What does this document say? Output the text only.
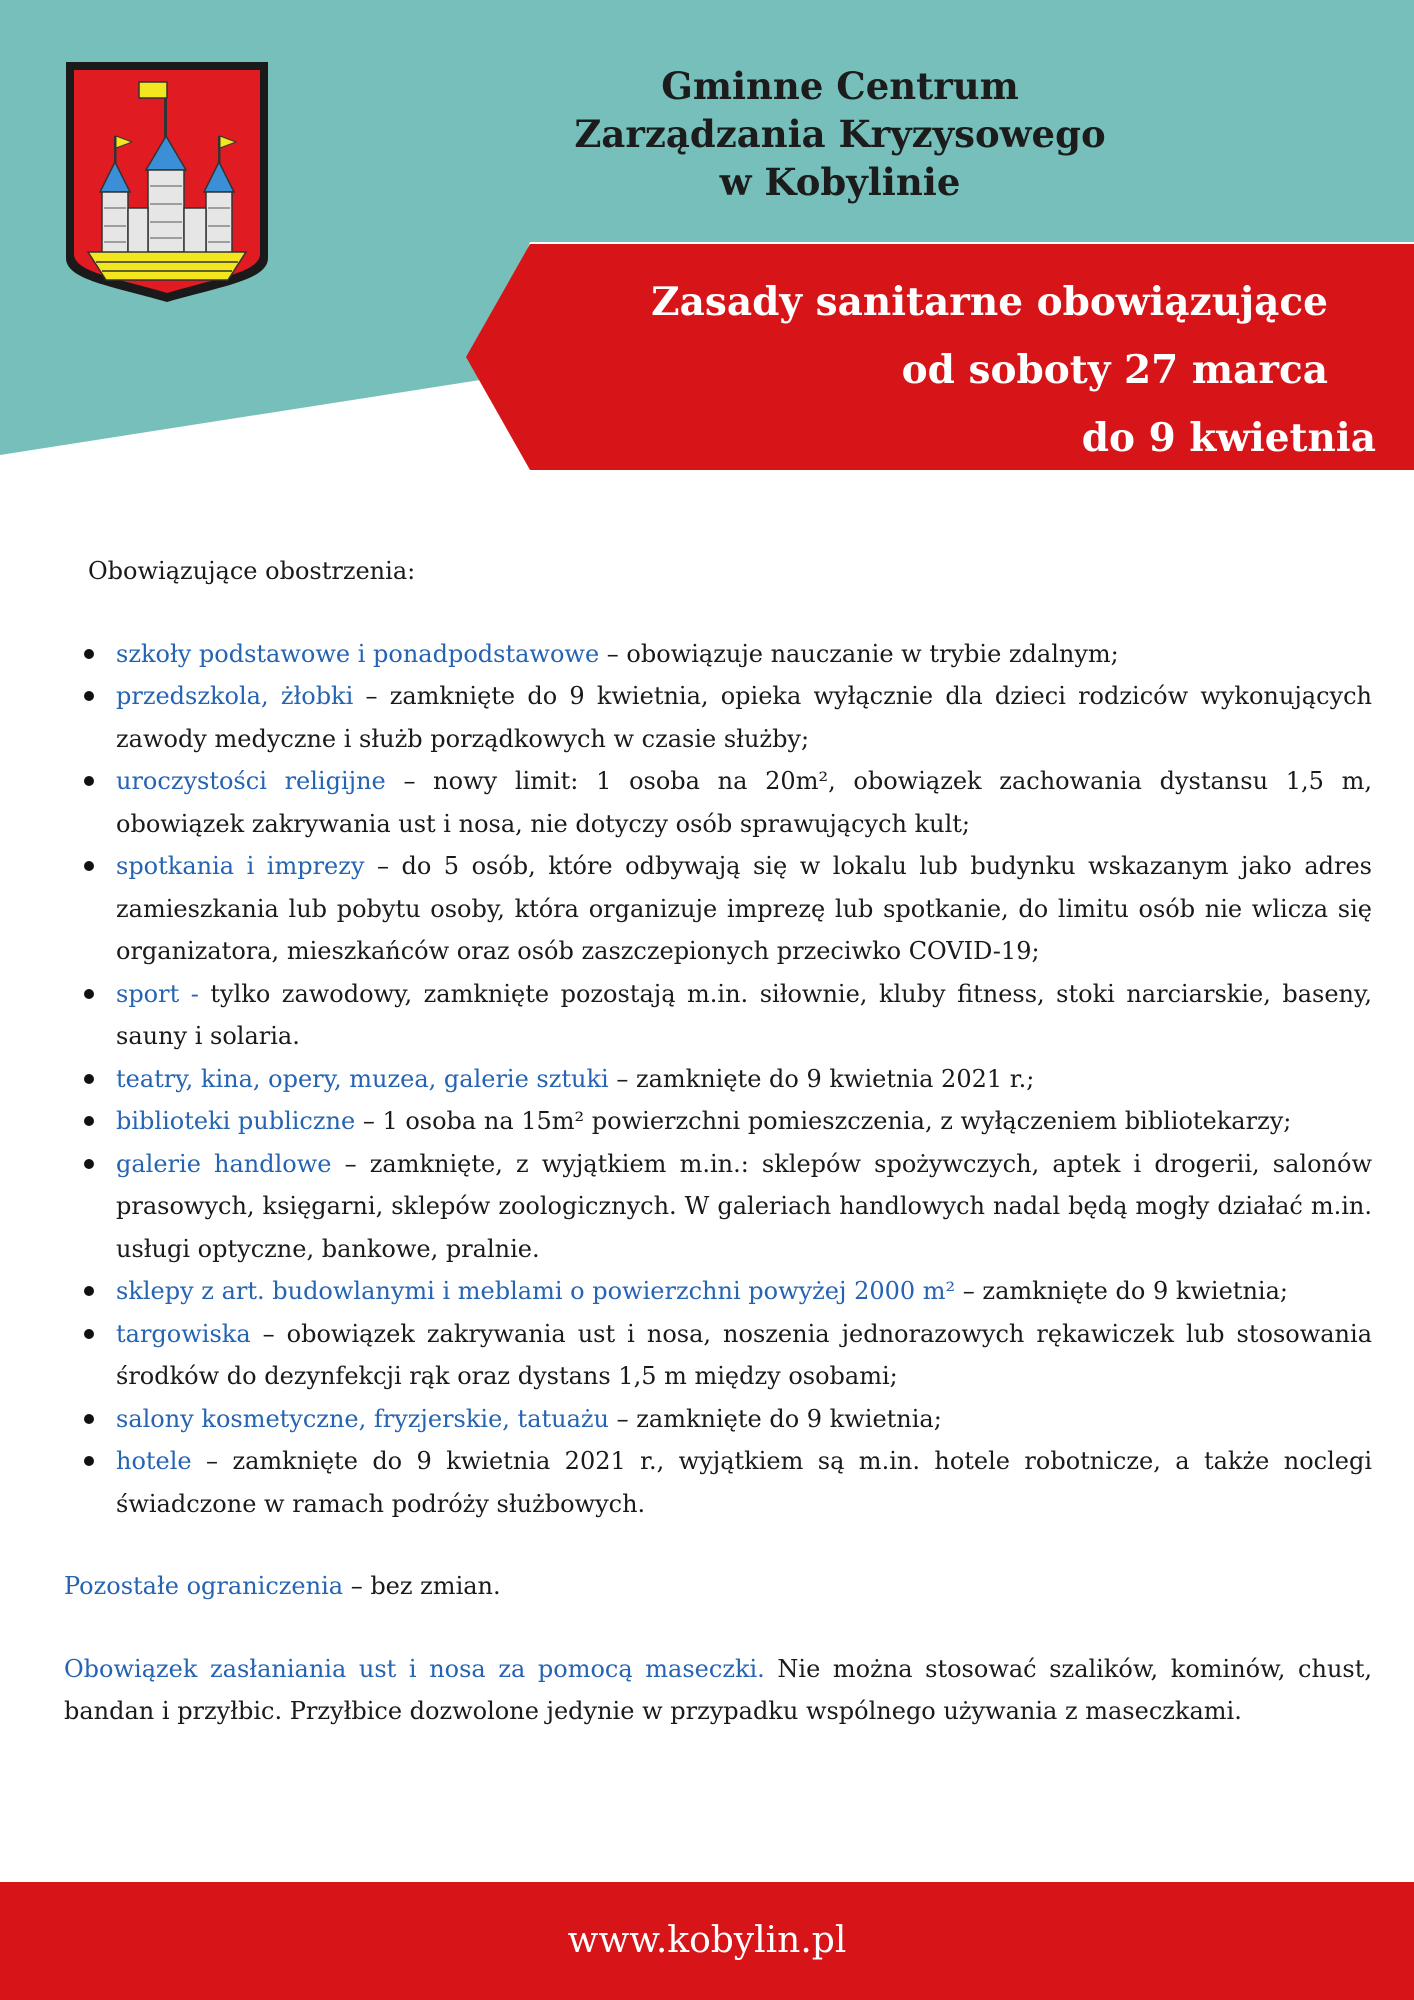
Gminne Centrum
Zarządzania Kryzysowego
w Kobylinie
Zasady sanitarne obowiązujące
od soboty 27 marca
do 9 kwietnia
Obowiązujące obostrzenia:
szkoły podstawowe i ponadpodstawowe – obowiązuje nauczanie w trybie zdalnym;
przedszkola, żłobki – zamknięte do 9 kwietnia, opieka wyłącznie dla dzieci rodziców wykonujących zawody medyczne i służb porządkowych w czasie służby;
uroczystości religijne – nowy limit: 1 osoba na 20m², obowiązek zachowania dystansu 1,5 m, obowiązek zakrywania ust i nosa, nie dotyczy osób sprawujących kult;
spotkania i imprezy – do 5 osób, które odbywają się w lokalu lub budynku wskazanym jako adres zamieszkania lub pobytu osoby, która organizuje imprezę lub spotkanie, do limitu osób nie wlicza się organizatora, mieszkańców oraz osób zaszczepionych przeciwko COVID-19;
sport - tylko zawodowy, zamknięte pozostają m.in. siłownie, kluby fitness, stoki narciarskie, baseny, sauny i solaria.
teatry, kina, opery, muzea, galerie sztuki – zamknięte do 9 kwietnia 2021 r.;
biblioteki publiczne – 1 osoba na 15m² powierzchni pomieszczenia, z wyłączeniem bibliotekarzy;
galerie handlowe – zamknięte, z wyjątkiem m.in.: sklepów spożywczych, aptek i drogerii, salonów prasowych, księgarni, sklepów zoologicznych. W galeriach handlowych nadal będą mogły działać m.in. usługi optyczne, bankowe, pralnie.
sklepy z art. budowlanymi i meblami o powierzchni powyżej 2000 m² – zamknięte do 9 kwietnia;
targowiska – obowiązek zakrywania ust i nosa, noszenia jednorazowych rękawiczek lub stosowania środków do dezynfekcji rąk oraz dystans 1,5 m między osobami;
salony kosmetyczne, fryzjerskie, tatuażu – zamknięte do 9 kwietnia;
hotele – zamknięte do 9 kwietnia 2021 r., wyjątkiem są m.in. hotele robotnicze, a także noclegi świadczone w ramach podróży służbowych.
Pozostałe ograniczenia – bez zmian.
Obowiązek zasłaniania ust i nosa za pomocą maseczki. Nie można stosować szalików, kominów, chust, bandan i przyłbic. Przyłbice dozwolone jedynie w przypadku wspólnego używania z maseczkami.
www.kobylin.pl
